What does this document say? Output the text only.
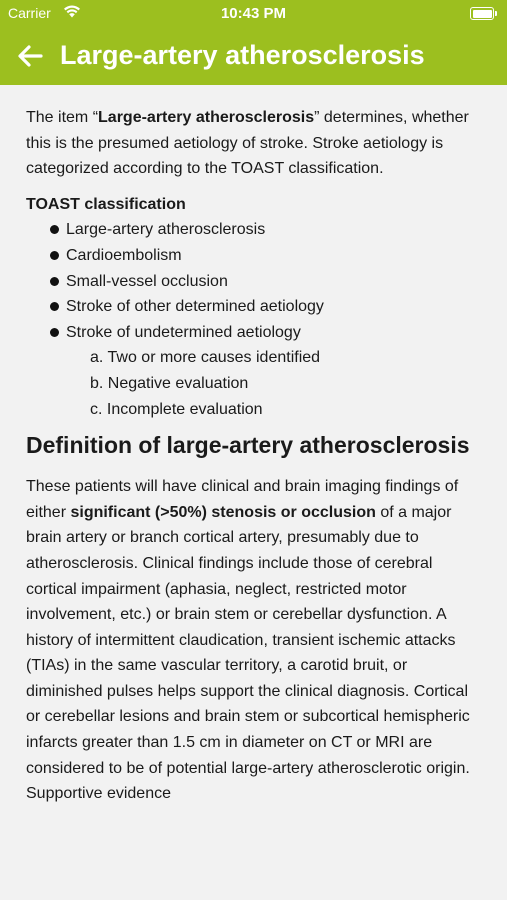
Carrier	10:43 PM
Large-artery atherosclerosis

The item “Large-artery atherosclerosis” determines, whether this is the presumed aetiology of stroke. Stroke aetiology is categorized according to the TOAST classification.

TOAST classification

Large-artery atherosclerosis
Cardioembolism
Small-vessel occlusion
Stroke of other determined aetiology
Stroke of undetermined aetiology
a. Two or more causes identified
b. Negative evaluation
c. Incomplete evaluation
Definition of large-artery atherosclerosis

These patients will have clinical and brain imaging findings of either significant (>50%) stenosis or occlusion of a major brain artery or branch cortical artery, presumably due to atherosclerosis. Clinical findings include those of cerebral cortical impairment (aphasia, neglect, restricted motor involvement, etc.) or brain stem or cerebellar dysfunction. A history of intermittent claudication, transient ischemic attacks (TIAs) in the same vascular territory, a carotid bruit, or diminished pulses helps support the clinical diagnosis. Cortical or cerebellar lesions and brain stem or subcortical hemispheric infarcts greater than 1.5 cm in diameter on CT or MRI are considered to be of potential large-artery atherosclerotic origin. Supportive evidence
